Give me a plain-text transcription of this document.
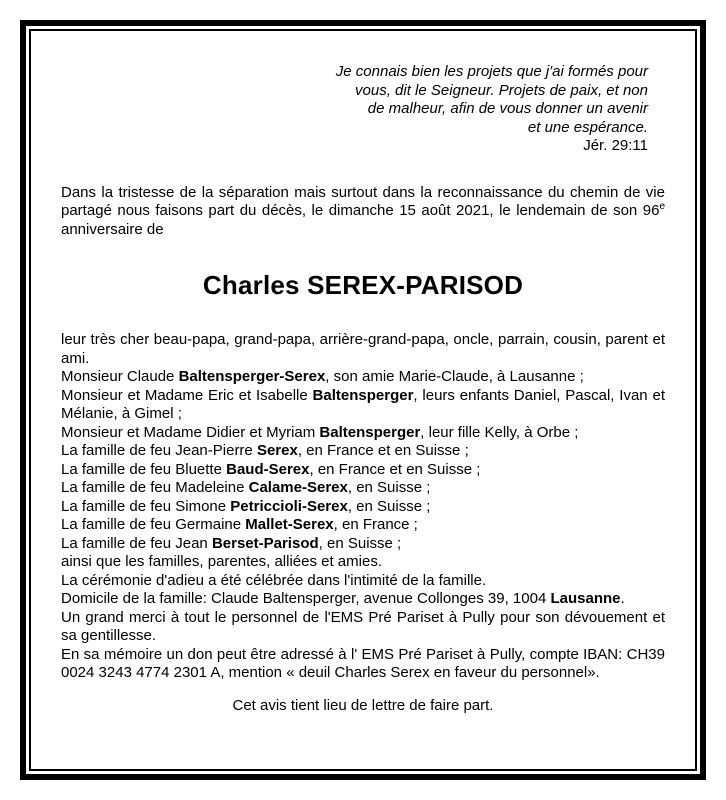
Je connais bien les projets que j'ai formés pour
vous, dit le Seigneur. Projets de paix, et non
de malheur, afin de vous donner un avenir
et une espérance.
Jér. 29:11

Dans la tristesse de la séparation mais surtout dans la reconnaissance du chemin de vie partagé nous faisons part du décès, le dimanche 15 août 2021, le lendemain de son 96e anniversaire de

Charles SEREX-PARISOD

leur très cher beau-papa, grand-papa, arrière-grand-papa, oncle, parrain, cousin, parent et ami.

Monsieur Claude Baltensperger-Serex, son amie Marie-Claude, à Lausanne ;

Monsieur et Madame Eric et Isabelle Baltensperger, leurs enfants Daniel, Pascal, Ivan et Mélanie, à Gimel ;

Monsieur et Madame Didier et Myriam Baltensperger, leur fille Kelly, à Orbe ;

La famille de feu Jean-Pierre Serex, en France et en Suisse ;

La famille de feu Bluette Baud-Serex, en France et en Suisse ;

La famille de feu Madeleine Calame-Serex, en Suisse ;

La famille de feu Simone Petriccioli-Serex, en Suisse ;

La famille de feu Germaine Mallet-Serex, en France ;

La famille de feu Jean Berset-Parisod, en Suisse ;

ainsi que les familles, parentes, alliées et amies.

La cérémonie d'adieu a été célébrée dans l'intimité de la famille.

Domicile de la famille: Claude Baltensperger, avenue Collonges 39, 1004 Lausanne.

Un grand merci à tout le personnel de l'EMS Pré Pariset à Pully pour son dévouement et sa gentillesse.

En sa mémoire un don peut être adressé à l' EMS Pré Pariset à Pully, compte IBAN: CH39 0024 3243 4774 2301 A, mention « deuil Charles Serex en faveur du personnel».

Cet avis tient lieu de lettre de faire part.
